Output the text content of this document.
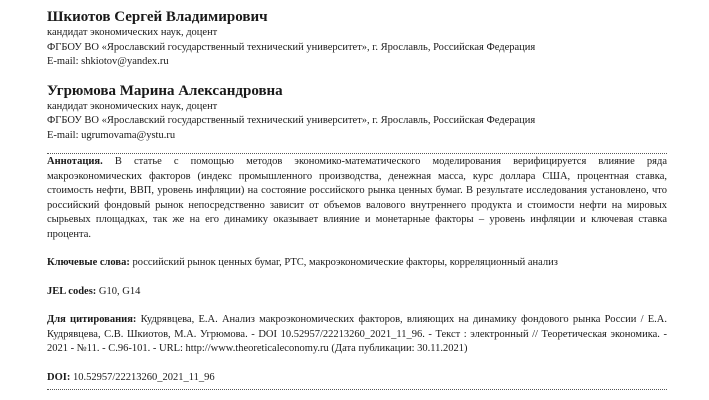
Шкиотов Сергей Владимирович
кандидат экономических наук, доцент
ФГБОУ ВО «Ярославский государственный технический университет», г. Ярославль, Российская Федерация
E-mail: shkiotov@yandex.ru
Угрюмова Марина Александровна
кандидат экономических наук, доцент
ФГБОУ ВО «Ярославский государственный технический университет», г. Ярославль, Российская Федерация
E-mail: ugrumovama@ystu.ru
Аннотация. В статье с помощью методов экономико-математического моделирования верифицируется влияние ряда макроэкономических факторов (индекс промышленного производства, денежная масса, курс доллара США, процентная ставка, стоимость нефти, ВВП, уровень инфляции) на состояние российского рынка ценных бумаг. В результате исследования установлено, что российский фондовый рынок непосредственно зависит от объемов валового внутреннего продукта и стоимости нефти на мировых сырьевых площадках, так же на его динамику оказывает влияние и монетарные факторы – уровень инфляции и ключевая ставка процента.
Ключевые слова: российский рынок ценных бумаг, РТС, макроэкономические факторы, корреляционный анализ
JEL codes: G10, G14
Для цитирования: Кудрявцева, Е.А. Анализ макроэкономических факторов, влияющих на динамику фондового рынка России / Е.А. Кудрявцева, С.В. Шкиотов, М.А. Угрюмова. - DOI 10.52957/22213260_2021_11_96. - Текст : электронный // Теоретическая экономика. - 2021 - №11. - С.96-101. - URL: http://www.theoreticaleconomy.ru (Дата публикации: 30.11.2021)
DOI: 10.52957/22213260_2021_11_96
